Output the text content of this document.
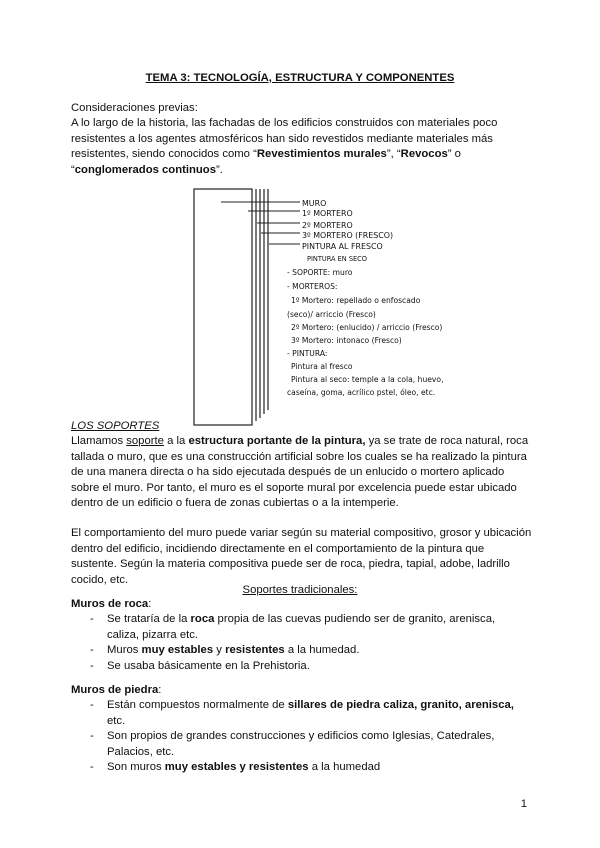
TEMA 3: TECNOLOGÍA, ESTRUCTURA Y COMPONENTES
Consideraciones previas:
A lo largo de la historia, las fachadas de los edificios construidos con materiales poco resistentes a los agentes atmosféricos han sido revestidos mediante materiales más resistentes, siendo conocidos como “Revestimientos murales”, “Revocos” o “conglomerados continuos”.
MURO
1º MORTERO
2º MORTERO
3º MORTERO (FRESCO)
PINTURA AL FRESCO
PINTURA EN SECO
- SOPORTE: muro
- MORTEROS:
1º Mortero: repellado o enfoscado
(seco)/ arriccio (Fresco)
2º Mortero: (enlucido) / arriccio (Fresco)
3º Mortero: intonaco (Fresco)
- PINTURA:
Pintura al fresco
Pintura al seco: temple a la cola, huevo,
caseína, goma, acrílico pstel, óleo, etc.
LOS SOPORTES
Llamamos soporte a la estructura portante de la pintura, ya se trate de roca natural, roca tallada o muro, que es una construcción artificial sobre los cuales se ha realizado la pintura de una manera directa o ha sido ejecutada después de un enlucido o mortero aplicado sobre el muro. Por tanto, el muro es el soporte mural por excelencia puede estar ubicado dentro de un edificio o fuera de zonas cubiertas o a la intemperie.
El comportamiento del muro puede variar según su material compositivo, grosor y ubicación dentro del edificio, incidiendo directamente en el comportamiento de la pintura que sustente. Según la materia compositiva puede ser de roca, piedra, tapial, adobe, ladrillo cocido, etc.
Soportes tradicionales:
Muros de roca:
- Se trataría de la roca propia de las cuevas pudiendo ser de granito, arenisca, caliza, pizarra etc.
- Muros muy estables y resistentes a la humedad.
- Se usaba básicamente en la Prehistoria.
Muros de piedra:
- Están compuestos normalmente de sillares de piedra caliza, granito, arenisca, etc.
- Son propios de grandes construcciones y edificios como Iglesias, Catedrales, Palacios, etc.
- Son muros muy estables y resistentes a la humedad
1
